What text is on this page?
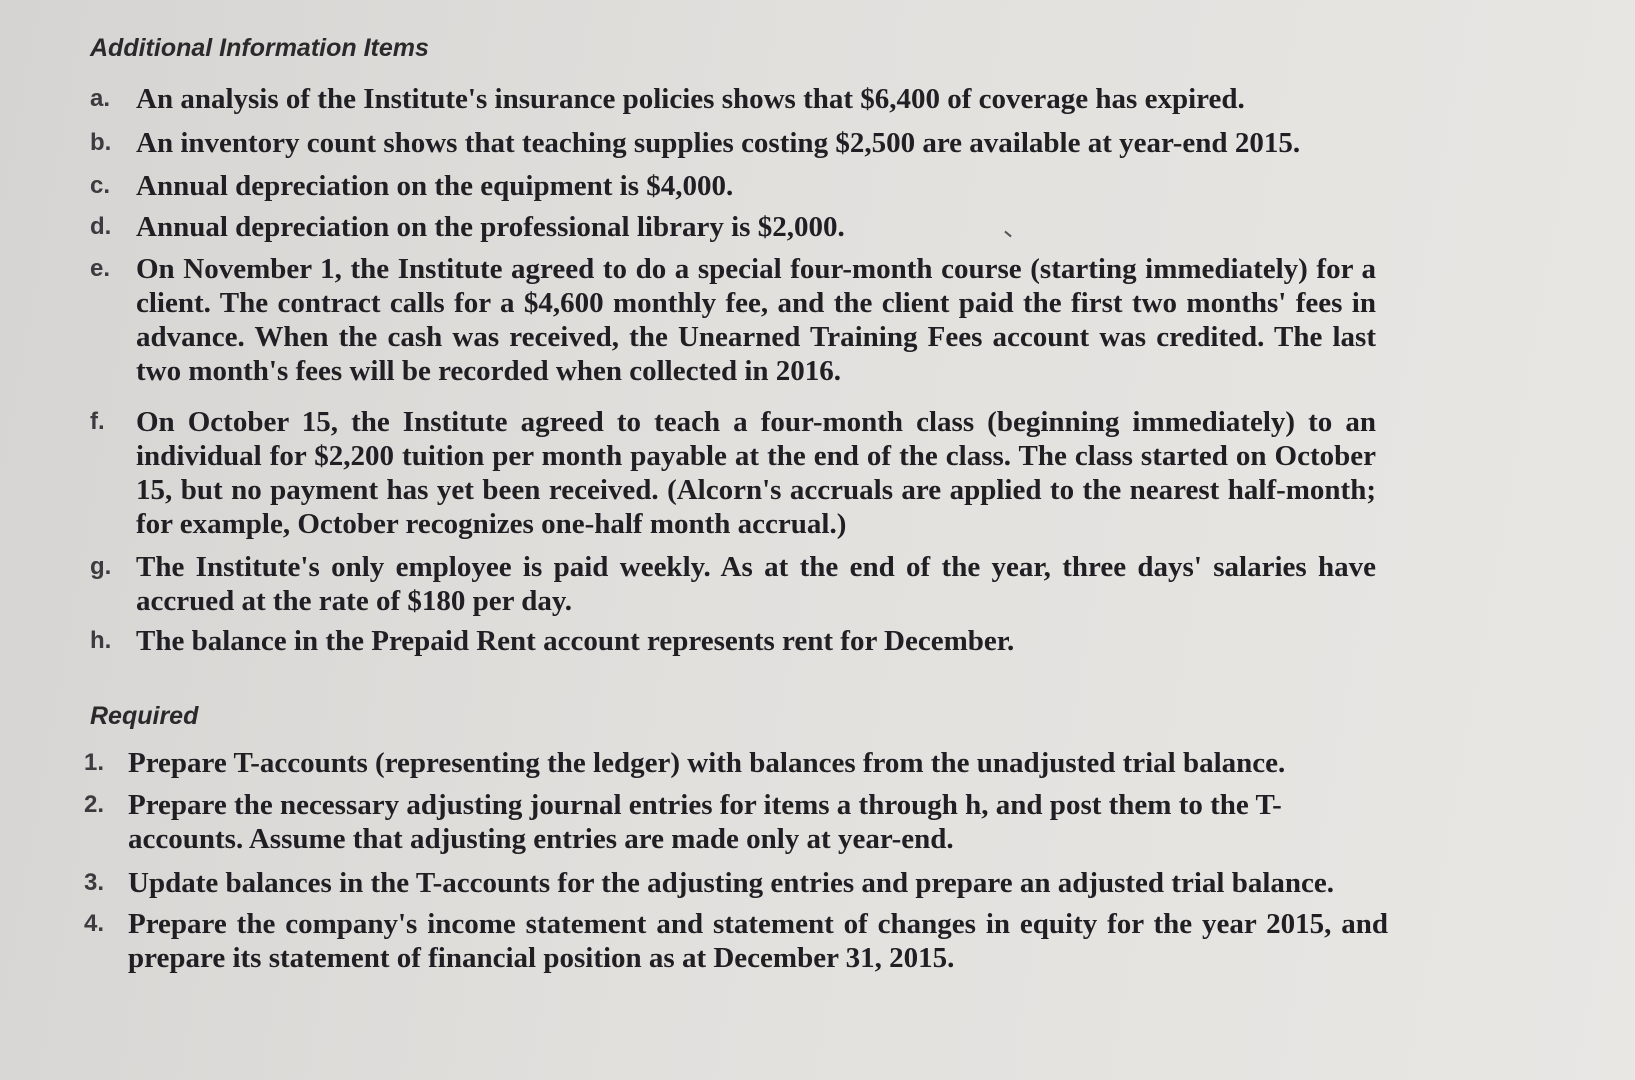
Additional Information Items
a. An analysis of the Institute's insurance policies shows that $6,400 of coverage has expired.
b. An inventory count shows that teaching supplies costing $2,500 are available at year-end 2015.
c. Annual depreciation on the equipment is $4,000.
d. Annual depreciation on the professional library is $2,000.
e. On November 1, the Institute agreed to do a special four-month course (starting immediately) for a client. The contract calls for a $4,600 monthly fee, and the client paid the first two months' fees in advance. When the cash was received, the Unearned Training Fees account was credited. The last two month's fees will be recorded when collected in 2016.
f.	On October 15, the Institute agreed to teach a four-month class (beginning immediately) to an individual for $2,200 tuition per month payable at the end of the class. The class started on October 15, but no payment has yet been received. (Alcorn's accruals are applied to the nearest half-month; for example, October recognizes one-half month accrual.)
g. The Institute's only employee is paid weekly. As at the end of the year, three days' salaries have accrued at the rate of $180 per day.
h. The balance in the Prepaid Rent account represents rent for December.
Required
1. Prepare T-accounts (representing the ledger) with balances from the unadjusted trial balance.
2. Prepare the necessary adjusting journal entries for items a through h, and post them to the T-accounts. Assume that adjusting entries are made only at year-end.
3. Update balances in the T-accounts for the adjusting entries and prepare an adjusted trial balance.
4. Prepare the company's income statement and statement of changes in equity for the year 2015, and prepare its statement of financial position as at December 31, 2015.
